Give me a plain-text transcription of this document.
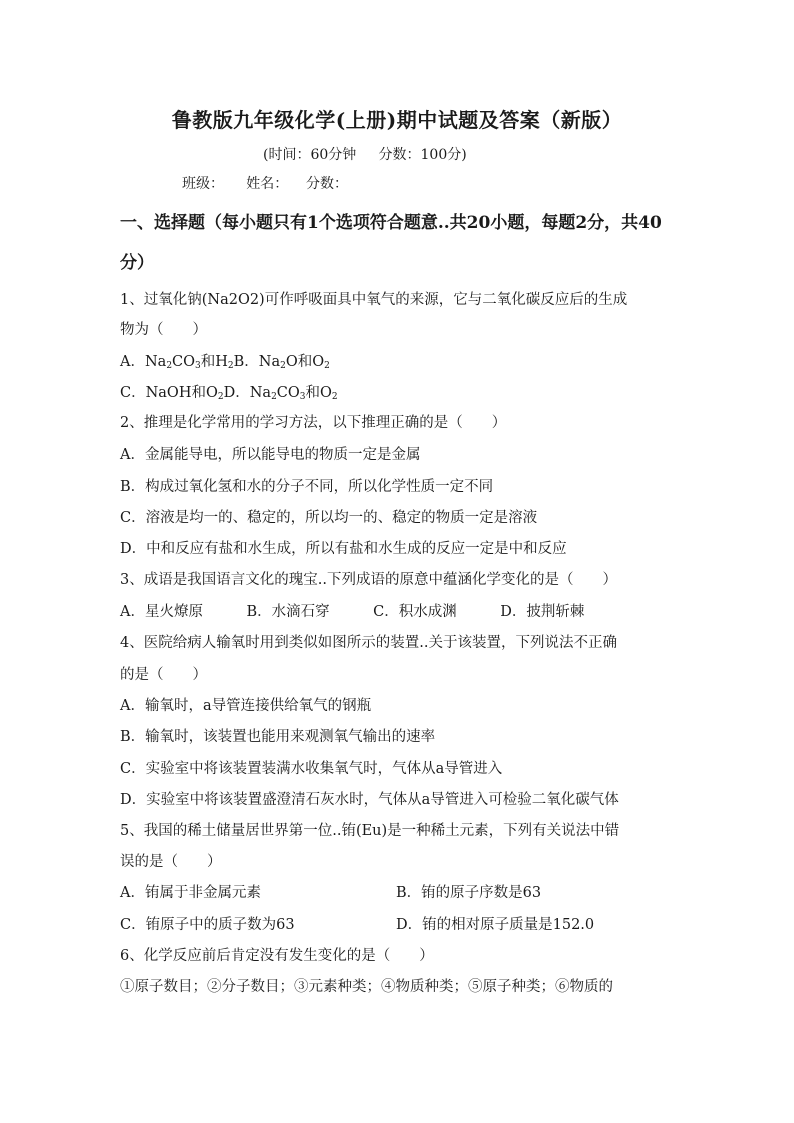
鲁教版九年级化学(上册)期中试题及答案（新版）
(时间：60分钟     分数：100分)
班级：     姓名：    分数：
一、选择题（每小题只有1个选项符合题意..共20小题，每题2分，共40分）
1、过氧化钠(Na2O2)可作呼吸面具中氧气的来源，它与二氧化碳反应后的生成
物为（　　）
A．$Na_2CO_3$和$H_2B$．$Na_2O$和$O_2$
C．NaOH和$O_2D$．$Na_2CO_3$和$O_2$
2、推理是化学常用的学习方法，以下推理正确的是（　　）
A．金属能导电，所以能导电的物质一定是金属
B．构成过氧化氢和水的分子不同，所以化学性质一定不同
C．溶液是均一的、稳定的，所以均一的、稳定的物质一定是溶液
D．中和反应有盐和水生成，所以有盐和水生成的反应一定是中和反应
3、成语是我国语言文化的瑰宝..下列成语的原意中蕴涵化学变化的是（　　）
A．星火燎原　　　B．水滴石穿　　　C．积水成渊　　　D．披荆斩棘
4、医院给病人输氧时用到类似如图所示的装置..关于该装置，下列说法不正确
的是（　　）
A．输氧时，a导管连接供给氧气的钢瓶
B．输氧时，该装置也能用来观测氧气输出的速率
C．实验室中将该装置装满水收集氧气时，气体从a导管进入
D．实验室中将该装置盛澄清石灰水时，气体从a导管进入可检验二氧化碳气体
5、我国的稀土储量居世界第一位..铕(Eu)是一种稀土元素，下列有关说法中错
误的是（　　）
A．铕属于非金属元素	B．铕的原子序数是63
C．铕原子中的质子数为63	D．铕的相对原子质量是152.0
6、化学反应前后肯定没有发生变化的是（　　）
①原子数目；②分子数目；③元素种类；④物质种类；⑤原子种类；⑥物质的
